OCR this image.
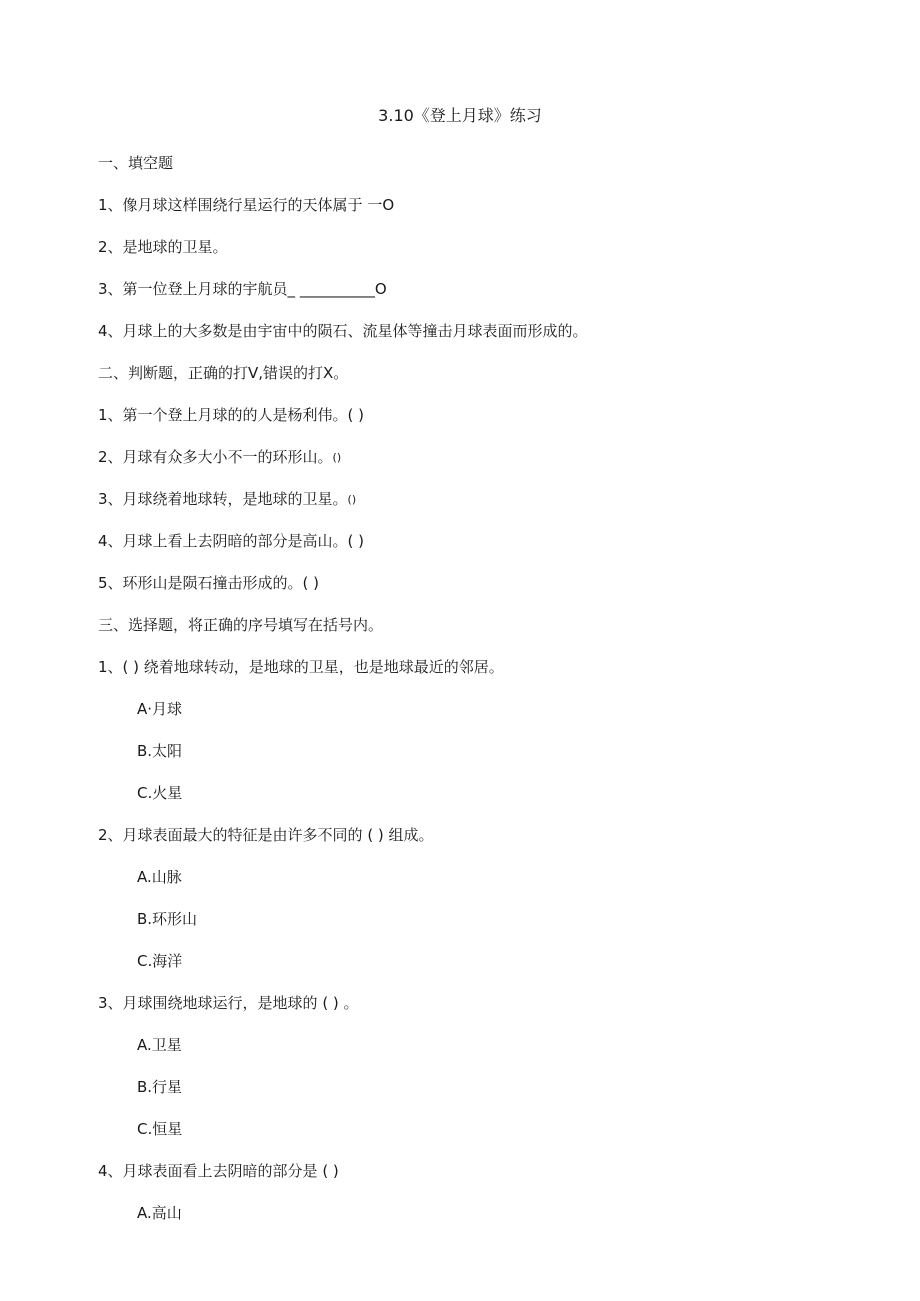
3.10《登上月球》练习
一、填空题
1、像月球这样围绕行星运行的天体属于 一O
2、是地球的卫星。
3、第一位登上月球的宇航员_ __________O
4、月球上的大多数是由宇宙中的陨石、流星体等撞击月球表面而形成的。
二、判断题，正确的打V,错误的打X。
1、第一个登上月球的的人是杨利伟。( )
2、月球有众多大小不一的环形山。()
3、月球绕着地球转，是地球的卫星。()
4、月球上看上去阴暗的部分是高山。( )
5、环形山是陨石撞击形成的。( )
三、选择题，将正确的序号填写在括号内。
1、( ) 绕着地球转动，是地球的卫星，也是地球最近的邻居。
A·月球
B.太阳
C.火星
2、月球表面最大的特征是由许多不同的 ( ) 组成。
A.山脉
B.环形山
C.海洋
3、月球围绕地球运行，是地球的 ( ) 。
A.卫星
B.行星
C.恒星
4、月球表面看上去阴暗的部分是 ( )
A.高山
